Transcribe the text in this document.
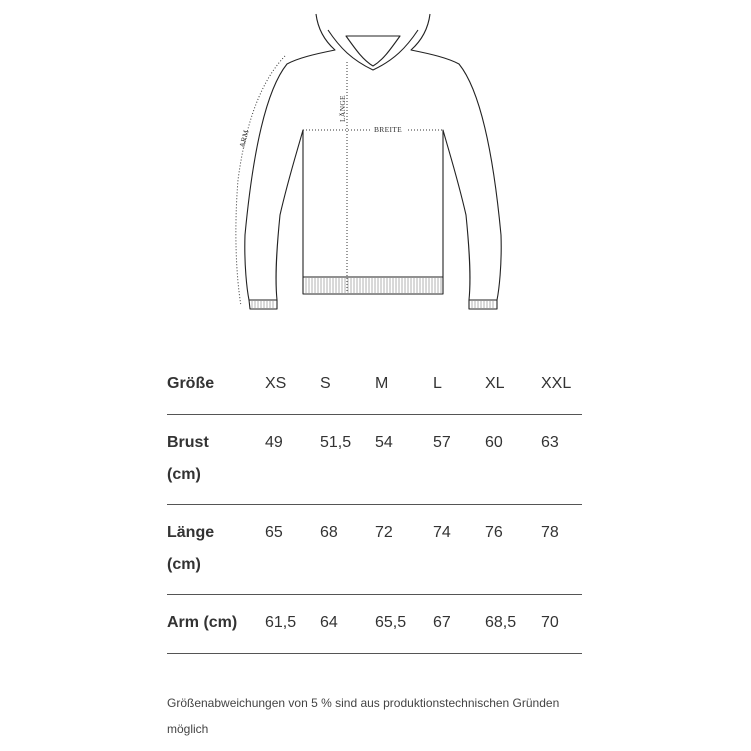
LÄNGE
BREITE
ARM
Größe	XS	S	M	L	XL	XXL
Brust
(cm)	49	51,5	54	57	60	63
Länge
(cm)	65	68	72	74	76	78
Arm (cm)	61,5	64	65,5	67	68,5	70
Größenabweichungen von 5 % sind aus produktionstechnischen Gründen möglich
